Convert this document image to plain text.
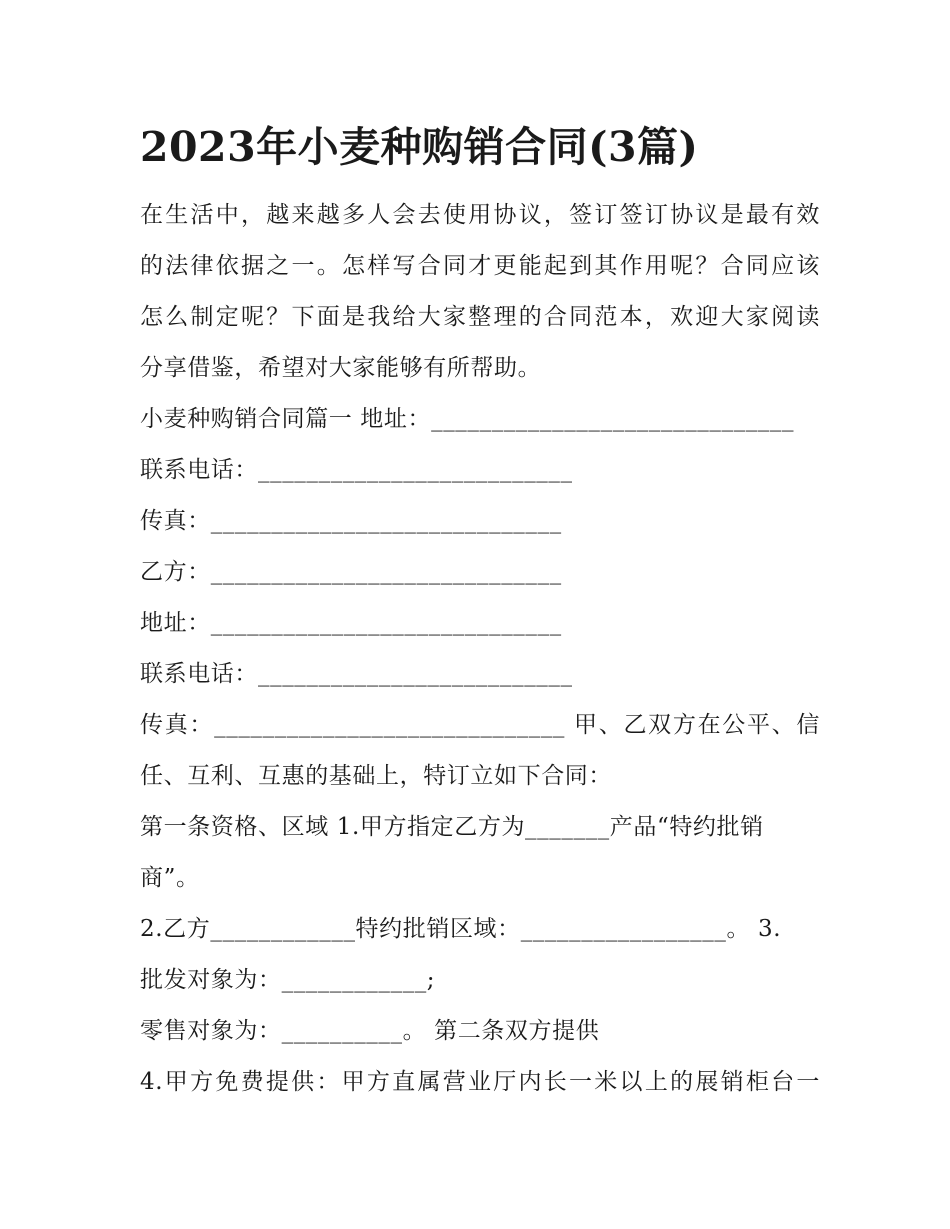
2023年小麦种购销合同(3篇)
在生活中，越来越多人会去使用协议，签订签订协议是最有效
的法律依据之一。怎样写合同才更能起到其作用呢？合同应该
怎么制定呢？下面是我给大家整理的合同范本，欢迎大家阅读
分享借鉴，希望对大家能够有所帮助。
小麦种购销合同篇一 地址：______________________________
联系电话：__________________________
传真：_____________________________
乙方：_____________________________
地址：_____________________________
联系电话：__________________________
传真：_____________________________ 甲、乙双方在公平、信
任、互利、互惠的基础上，特订立如下合同：
第一条资格、区域 1.甲方指定乙方为_______产品“特约批销
商”。
2.乙方____________特约批销区域：_________________。 3.
批发对象为：____________;
零售对象为：__________。 第二条双方提供
4.甲方免费提供：甲方直属营业厅内长一米以上的展销柜台一
